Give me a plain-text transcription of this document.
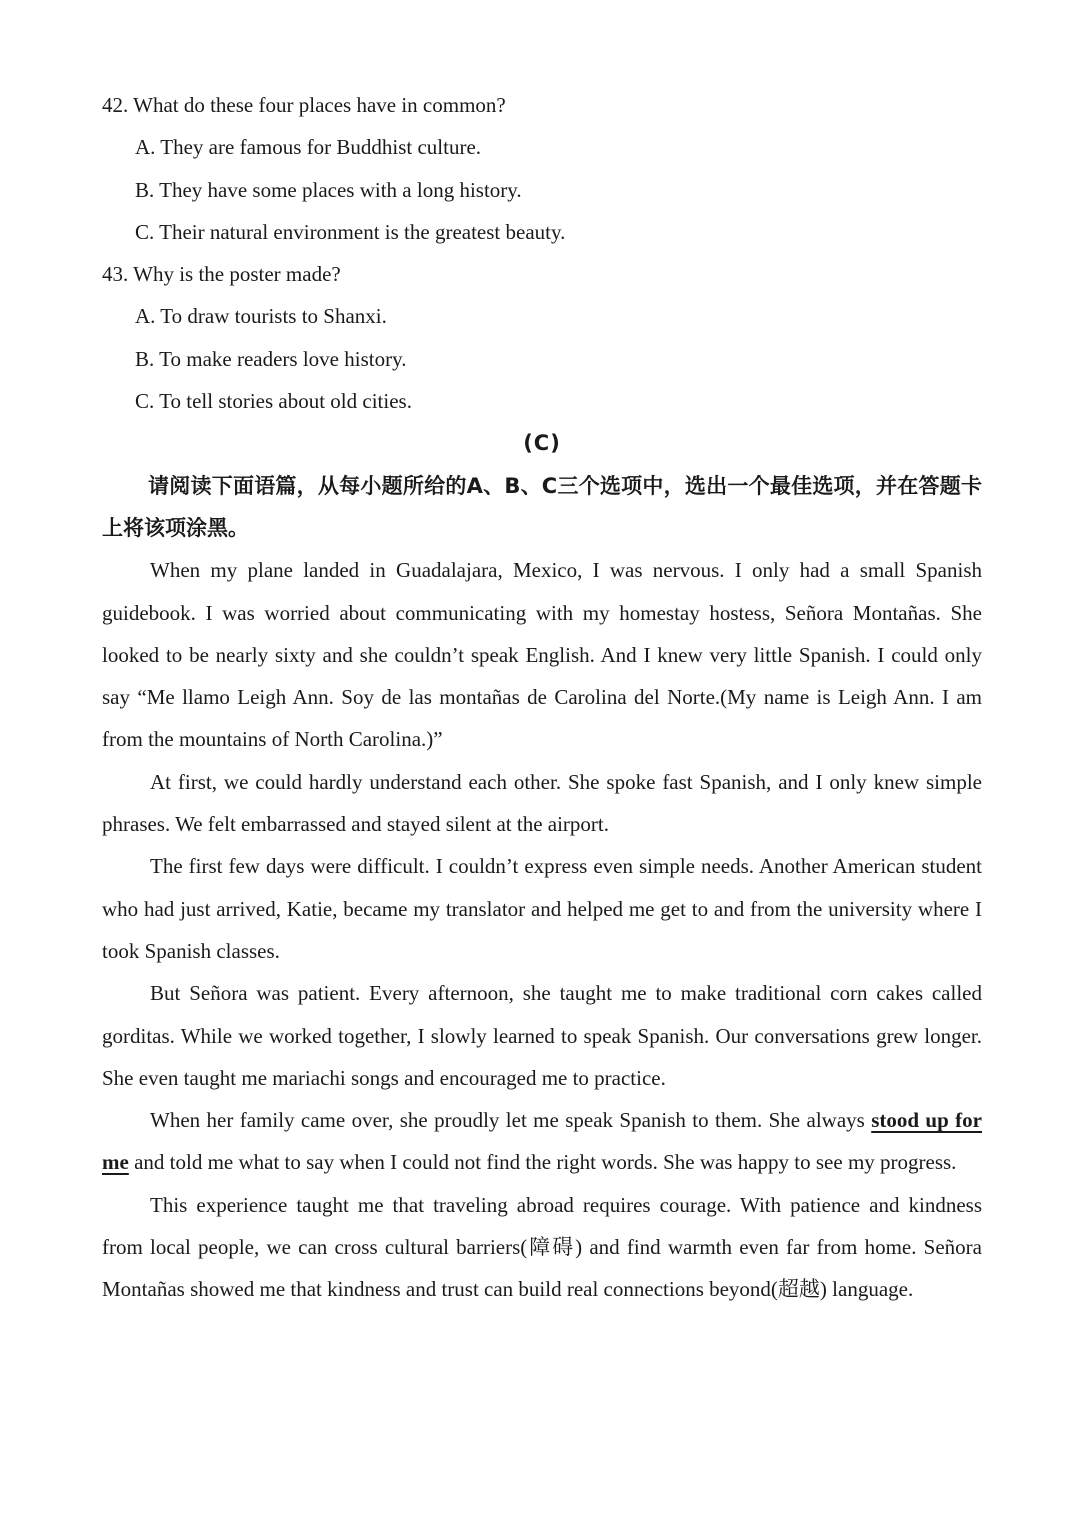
42. What do these four places have in common?

A. They are famous for Buddhist culture.

B. They have some places with a long history.

C. Their natural environment is the greatest beauty.

43. Why is the poster made?

A. To draw tourists to Shanxi.

B. To make readers love history.

C. To tell stories about old cities.

(C)

请阅读下面语篇，从每小题所给的A、B、C三个选项中，选出一个最佳选项，并在答题卡上将该项涂黑。

When my plane landed in Guadalajara, Mexico, I was nervous. I only had a small Spanish guidebook. I was worried about communicating with my homestay hostess, Señora Montañas. She looked to be nearly sixty and she couldn’t speak English. And I knew very little Spanish. I could only say “Me llamo Leigh Ann. Soy de las montañas de Carolina del Norte.(My name is Leigh Ann. I am from the mountains of North Carolina.)”

At first, we could hardly understand each other. She spoke fast Spanish, and I only knew simple phrases. We felt embarrassed and stayed silent at the airport.

The first few days were difficult. I couldn’t express even simple needs. Another American student who had just arrived, Katie, became my translator and helped me get to and from the university where I took Spanish classes.

But Señora was patient. Every afternoon, she taught me to make traditional corn cakes called gorditas. While we worked together, I slowly learned to speak Spanish. Our conversations grew longer. She even taught me mariachi songs and encouraged me to practice.

When her family came over, she proudly let me speak Spanish to them. She always stood up for me and told me what to say when I could not find the right words. She was happy to see my progress.

This experience taught me that traveling abroad requires courage. With patience and kindness from local people, we can cross cultural barriers(障碍) and find warmth even far from home. Señora Montañas showed me that kindness and trust can build real connections beyond(超越) language.
